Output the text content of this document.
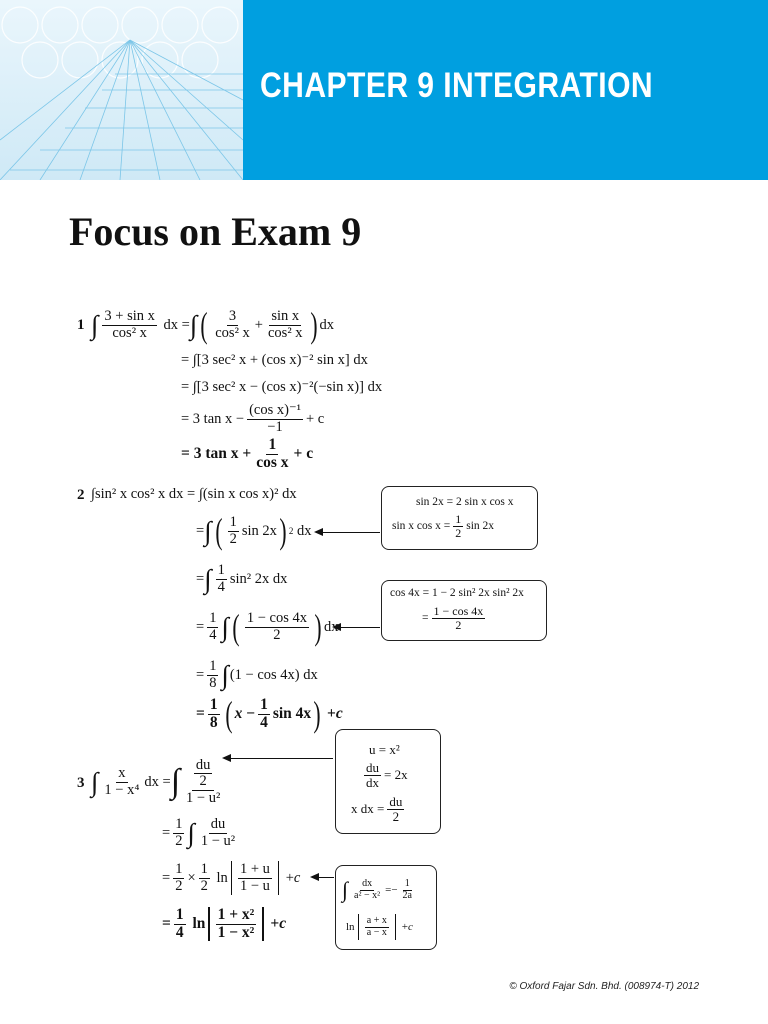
CHAPTER 9 INTEGRATION
Focus on Exam 9
1 ∫ $\frac{\text{3 + sin x}}{\text{cos² x}}$ dx = ∫ ( $\frac{3}{\text{cos² x}} + \frac{\text{sin x}}{\text{cos² x}}$ ) dx
= ∫[3 sec² x + (cos x)⁻² sin x] dx
= ∫[3 sec² x − (cos x)⁻²(−sin x)] dx
= 3 $\tan x - \frac{\text{(cos x)⁻¹}}{-1} + c$
= 3 $\tan x + \frac{1}{\text{cos x}} + c$
2 ∫sin² x cos² x dx = ∫(sin x cos x)² dx
= ∫ ( $\frac{1}{2}$ sin 2x ) 2 dx
= ∫ $\frac{1}{4} \sin^2$ 2x dx
= $\frac{1}{4}$ ∫ ( $\frac{1 - \cos 4x}{2}$ ) dx
= $\frac{1}{8}$ ∫ (1 − cos 4x) dx
= $\frac{1}{8}$ ( $x - \frac{1}{4}$ sin 4x ) + c
sin 2x = 2 sin x cos x
sin x $\cos x = \frac{1}{2}$ sin 2x
cos 4x = 1 − 2 sin² 2x sin² 2x
= $\frac{1 - \cos 4x}{2}$
3 ∫ $\frac{x}{\text{1 − x⁴}}$ dx = ∫ $\frac{\frac{du}{2}}{\text{1 − u²}}$
= $\frac{1}{2}$ ∫ $\frac{du}{\text{1 − u²}}$
= $\frac{1}{2} \times \frac{1}{2}$ $\ln \frac{1 + u}{1 - u} + c$
= $\frac{1}{4}$ $\ln \frac{\text{1 + x²}}{\text{1 − x²}} + c$
u = x²
$\frac{du}{dx} = 2x$
x dx = $\frac{du}{2}$
∫ $\frac{dx}{\text{a² − x²}} =- \frac{1}{2a}$
$\ln \frac{a + x}{a - x} + c$
© Oxford Fajar Sdn. Bhd. (008974-T) 2012
